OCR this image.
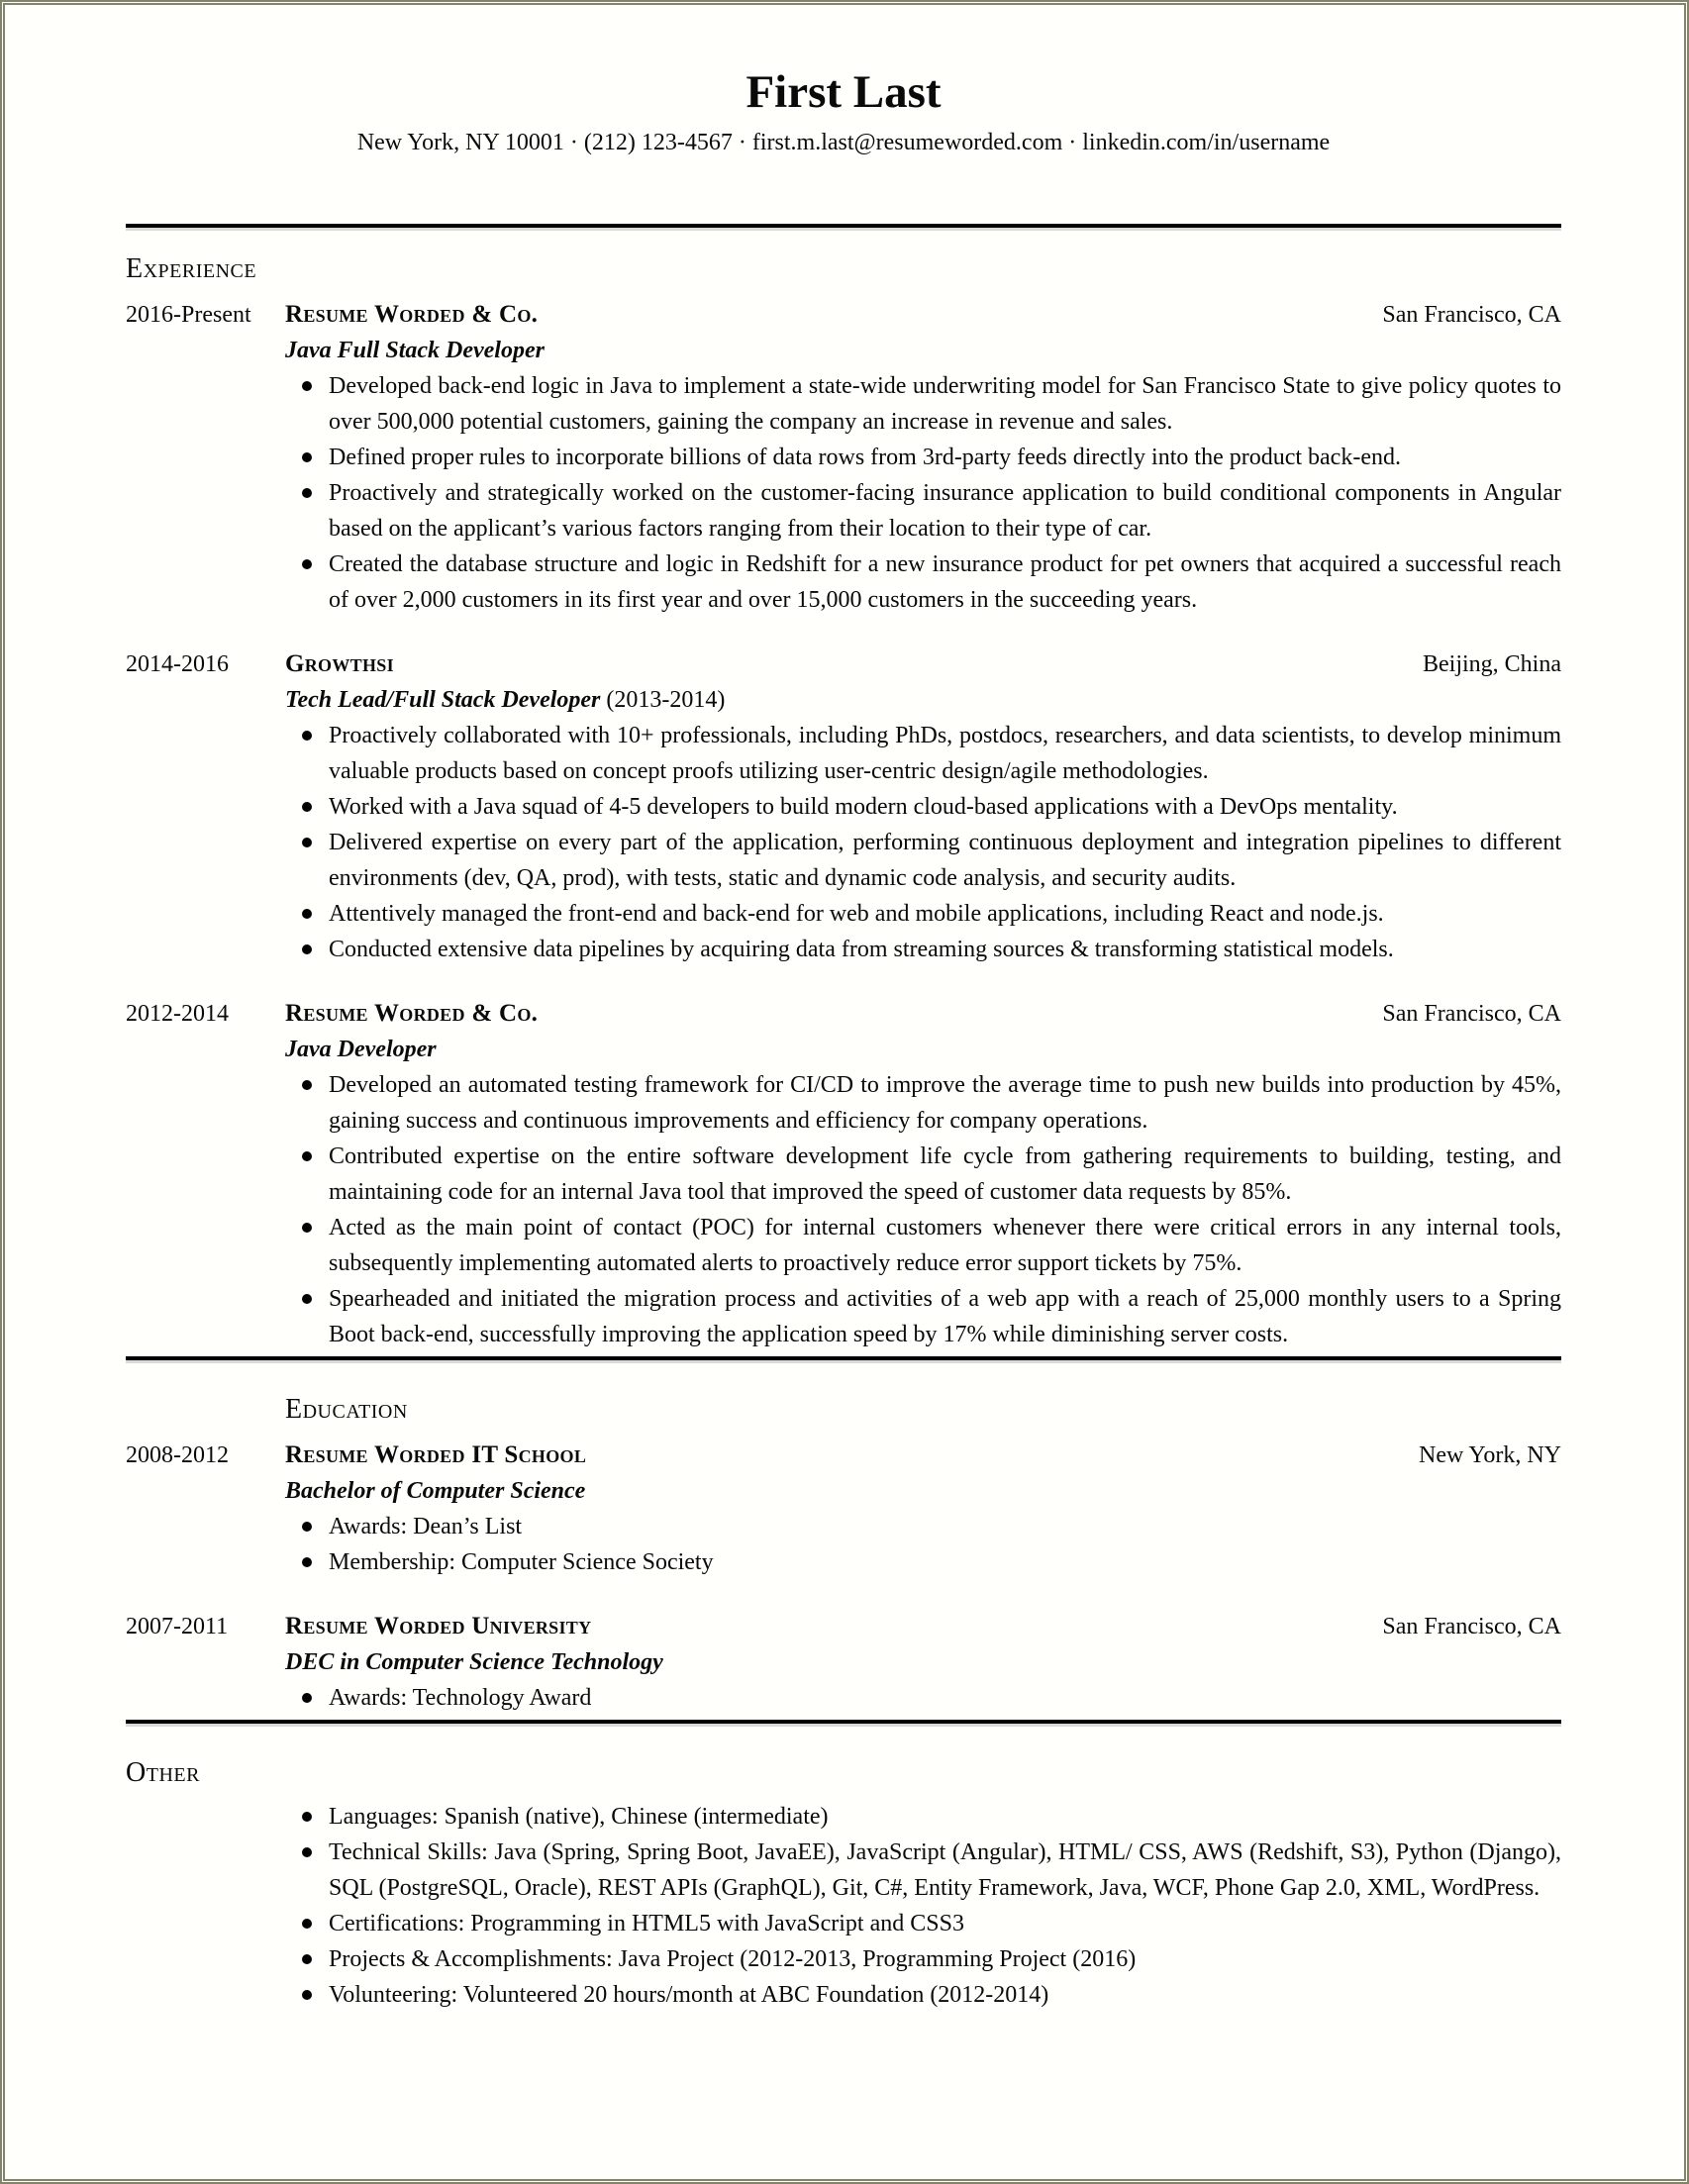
First Last
New York, NY 10001 · (212) 123-4567 · first.m.last@resumeworded.com · linkedin.com/in/username
Experience
2016-Present	Resume Worded & Co.	San Francisco, CA
Java Full Stack Developer
Developed back-end logic in Java to implement a state-wide underwriting model for San Francisco State to give policy quotes to over 500,000 potential customers, gaining the company an increase in revenue and sales.
Defined proper rules to incorporate billions of data rows from 3rd-party feeds directly into the product back-end.
Proactively and strategically worked on the customer-facing insurance application to build conditional components in Angular based on the applicant’s various factors ranging from their location to their type of car.
Created the database structure and logic in Redshift for a new insurance product for pet owners that acquired a successful reach of over 2,000 customers in its first year and over 15,000 customers in the succeeding years.
2014-2016	Growthsi	Beijing, China
Tech Lead/Full Stack Developer (2013-2014)
Proactively collaborated with 10+ professionals, including PhDs, postdocs, researchers, and data scientists, to develop minimum valuable products based on concept proofs utilizing user-centric design/agile methodologies.
Worked with a Java squad of 4-5 developers to build modern cloud-based applications with a DevOps mentality.
Delivered expertise on every part of the application, performing continuous deployment and integration pipelines to different environments (dev, QA, prod), with tests, static and dynamic code analysis, and security audits.
Attentively managed the front-end and back-end for web and mobile applications, including React and node.js.
Conducted extensive data pipelines by acquiring data from streaming sources & transforming statistical models.
2012-2014	Resume Worded & Co.	San Francisco, CA
Java Developer
Developed an automated testing framework for CI/CD to improve the average time to push new builds into production by 45%, gaining success and continuous improvements and efficiency for company operations.
Contributed expertise on the entire software development life cycle from gathering requirements to building, testing, and maintaining code for an internal Java tool that improved the speed of customer data requests by 85%.
Acted as the main point of contact (POC) for internal customers whenever there were critical errors in any internal tools, subsequently implementing automated alerts to proactively reduce error support tickets by 75%.
Spearheaded and initiated the migration process and activities of a web app with a reach of 25,000 monthly users to a Spring Boot back-end, successfully improving the application speed by 17% while diminishing server costs.
Education
2008-2012	Resume Worded IT School	New York, NY
Bachelor of Computer Science
Awards: Dean’s List
Membership: Computer Science Society
2007-2011	Resume Worded University	San Francisco, CA
DEC in Computer Science Technology
Awards: Technology Award
Other
Languages: Spanish (native), Chinese (intermediate)
Technical Skills: Java (Spring, Spring Boot, JavaEE), JavaScript (Angular), HTML/ CSS, AWS (Redshift, S3), Python (Django), SQL (PostgreSQL, Oracle), REST APIs (GraphQL), Git, C#, Entity Framework, Java, WCF, Phone Gap 2.0, XML, WordPress.
Certifications: Programming in HTML5 with JavaScript and CSS3
Projects & Accomplishments: Java Project (2012-2013, Programming Project (2016)
Volunteering: Volunteered 20 hours/month at ABC Foundation (2012-2014)
